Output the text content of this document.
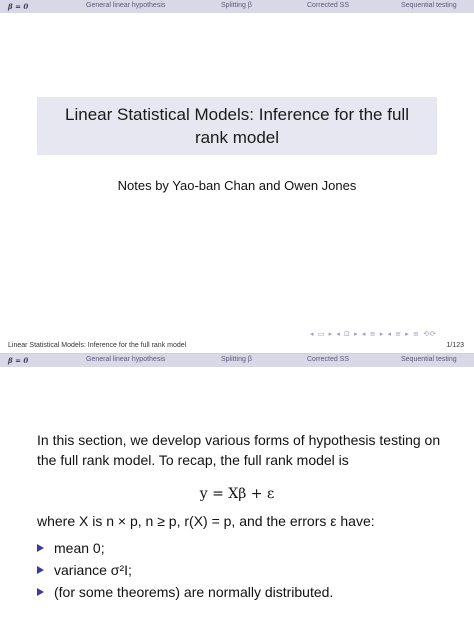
β = 0	General linear hypothesis	Splitting β	Corrected SS	Sequential testing
Linear Statistical Models: Inference for the full rank model
Notes by Yao-ban Chan and Owen Jones
◂ ▭ ▸ ◂ ⊡ ▸ ◂ ≡ ▸ ◂ ≡ ▸ ≡ ⟲⟳
Linear Statistical Models: Inference for the full rank model	1/123
β = 0	General linear hypothesis	Splitting β	Corrected SS	Sequential testing
In this section, we develop various forms of hypothesis testing on the full rank model. To recap, the full rank model is
y = Xβ + ε
where X is n × p, n ≥ p, r(X) = p, and the errors ε have:
mean 0;
variance σ²I;
(for some theorems) are normally distributed.
